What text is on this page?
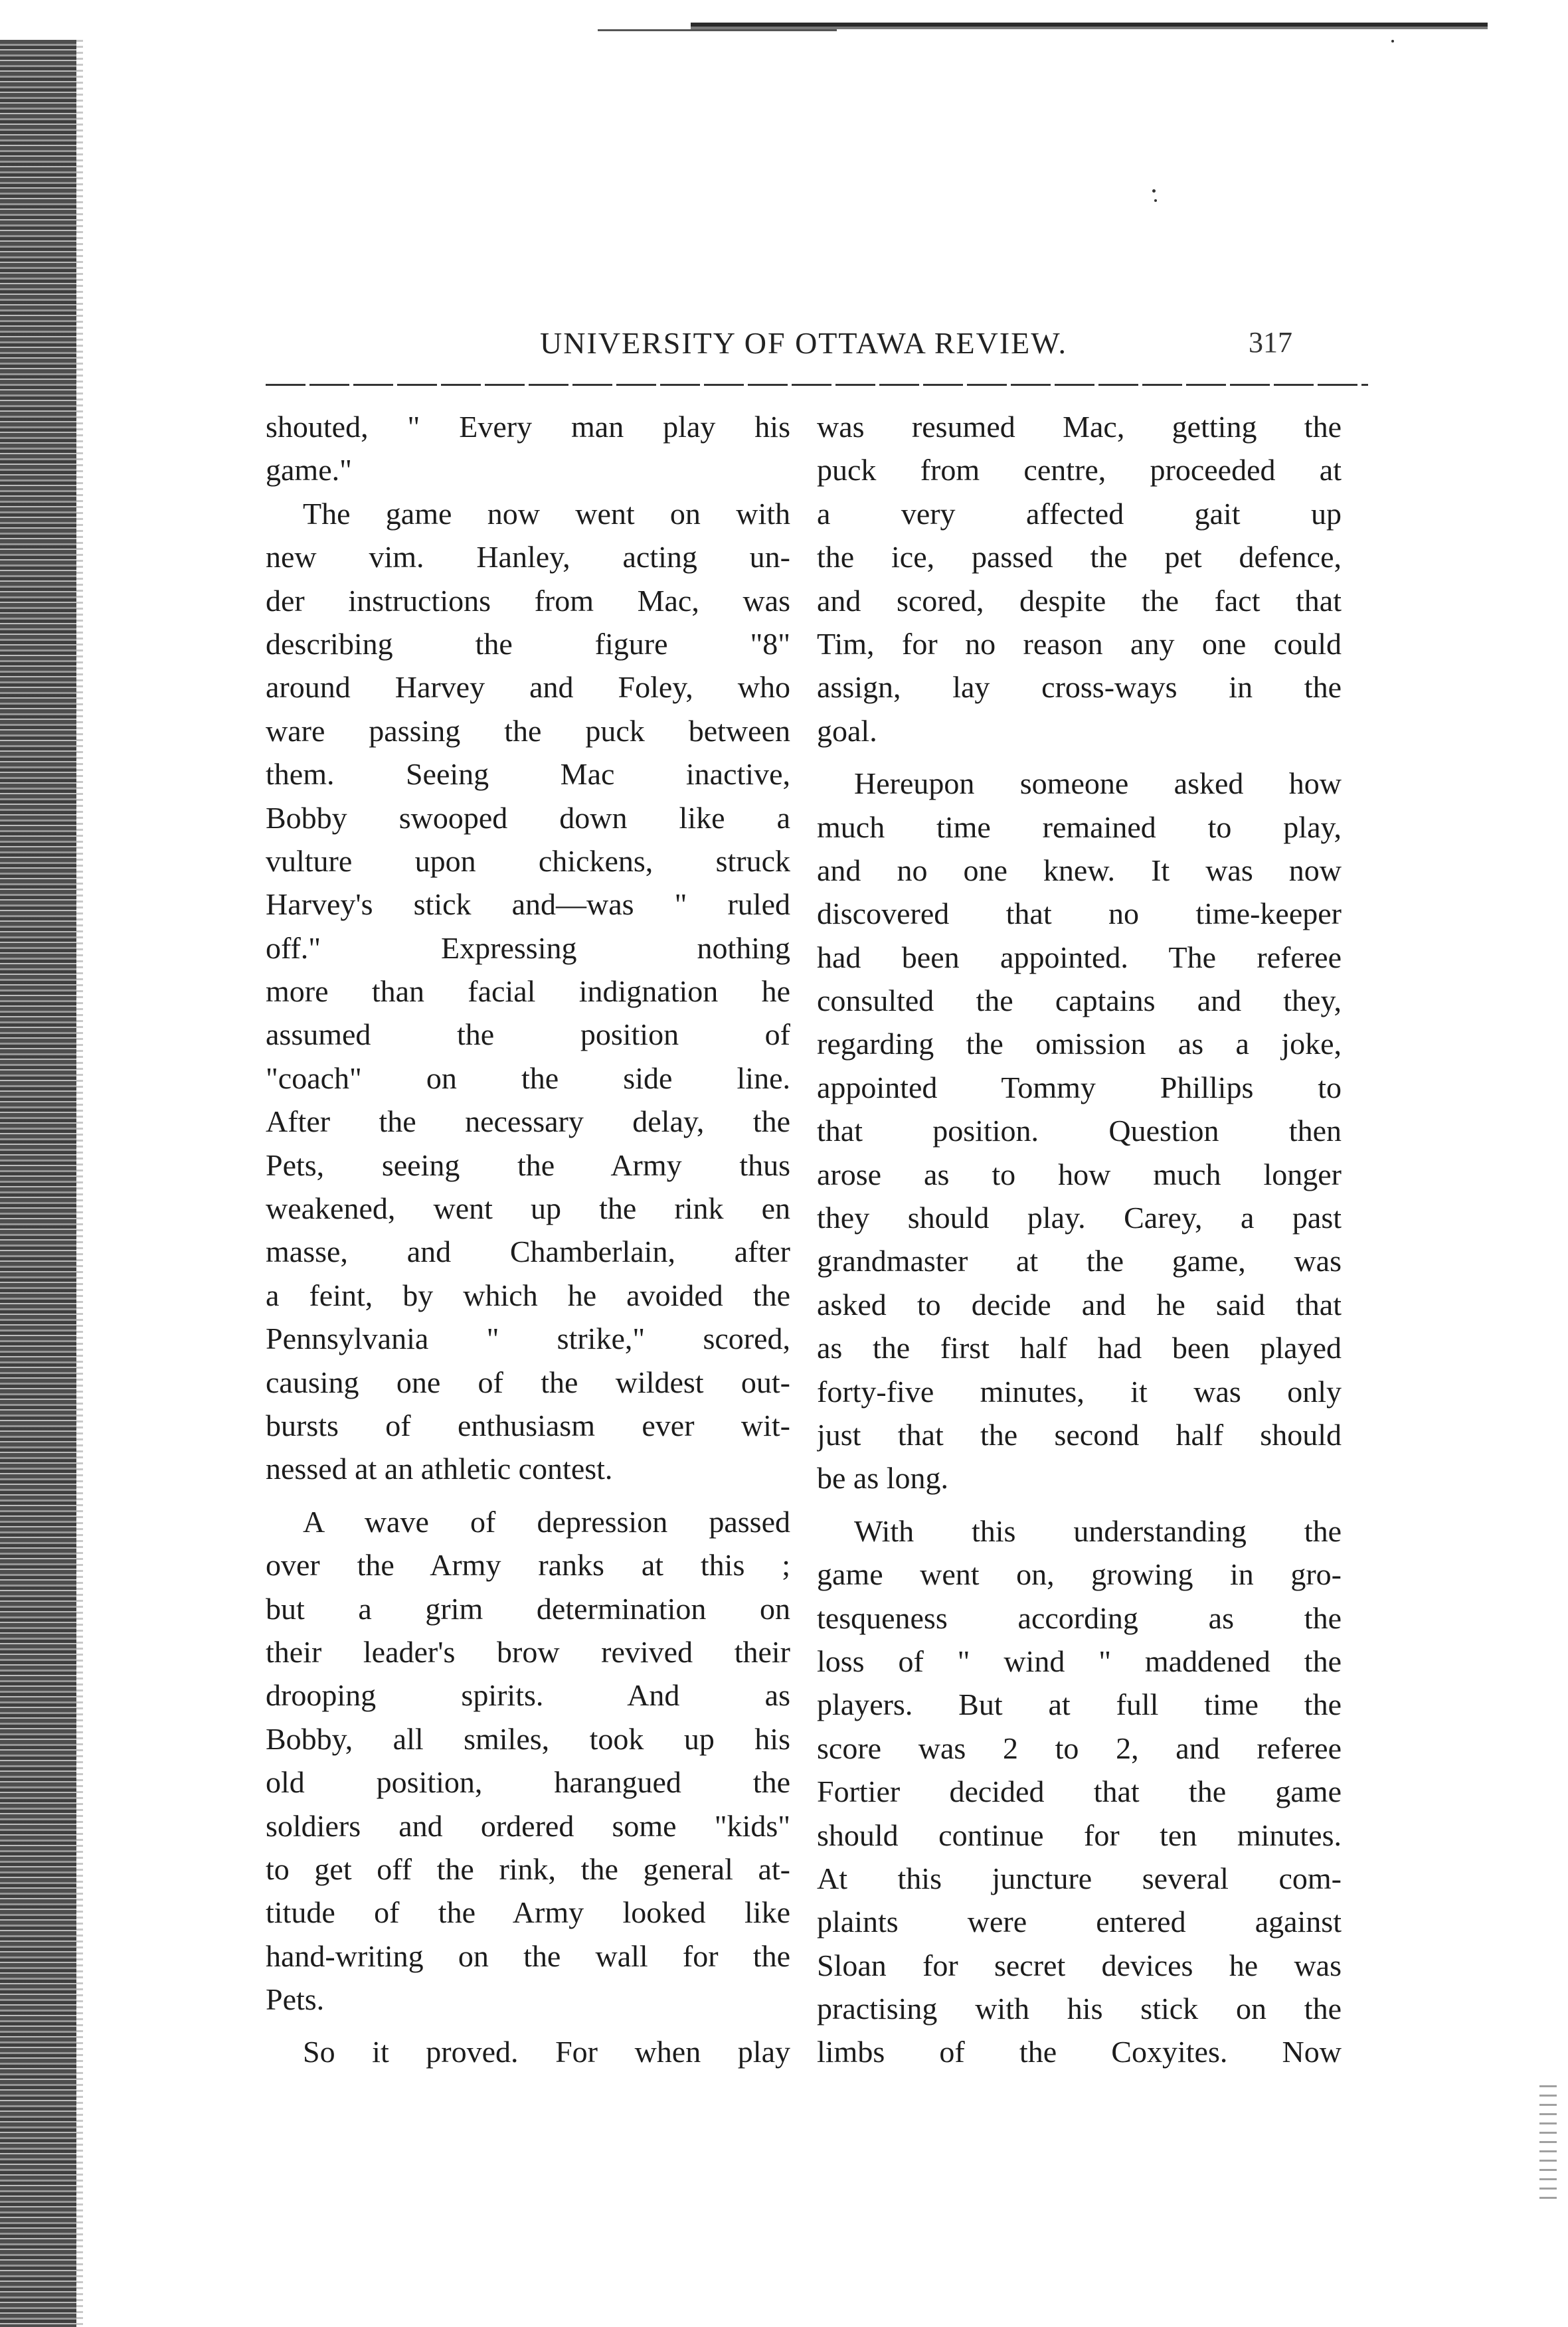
UNIVERSITY OF OTTAWA REVIEW.	317
shouted, " Every man play his
game."
The game now went on with
new vim. Hanley, acting un-
der instructions from Mac, was
describing the figure "8"
around Harvey and Foley, who
ware passing the puck between
them. Seeing Mac inactive,
Bobby swooped down like a
vulture upon chickens, struck
Harvey's stick and—was " ruled
off." Expressing nothing
more than facial indignation he
assumed the position of
"coach" on the side line.
After the necessary delay, the
Pets, seeing the Army thus
weakened, went up the rink en
masse, and Chamberlain, after
a feint, by which he avoided the
Pennsylvania " strike," scored,
causing one of the wildest out-
bursts of enthusiasm ever wit-
nessed at an athletic contest.
A wave of depression passed
over the Army ranks at this ;
but a grim determination on
their leader's brow revived their
drooping spirits. And as
Bobby, all smiles, took up his
old position, harangued the
soldiers and ordered some "kids"
to get off the rink, the general at-
titude of the Army looked like
hand-writing on the wall for the
Pets.
So it proved. For when play
was resumed Mac, getting the
puck from centre, proceeded at
a very affected gait up
the ice, passed the pet defence,
and scored, despite the fact that
Tim, for no reason any one could
assign, lay cross-ways in the
goal.
Hereupon someone asked how
much time remained to play,
and no one knew. It was now
discovered that no time-keeper
had been appointed. The referee
consulted the captains and they,
regarding the omission as a joke,
appointed Tommy Phillips to
that position. Question then
arose as to how much longer
they should play. Carey, a past
grandmaster at the game, was
asked to decide and he said that
as the first half had been played
forty-five minutes, it was only
just that the second half should
be as long.
With this understanding the
game went on, growing in gro-
tesqueness according as the
loss of " wind " maddened the
players. But at full time the
score was 2 to 2, and referee
Fortier decided that the game
should continue for ten minutes.
At this juncture several com-
plaints were entered against
Sloan for secret devices he was
practising with his stick on the
limbs of the Coxyites. Now
